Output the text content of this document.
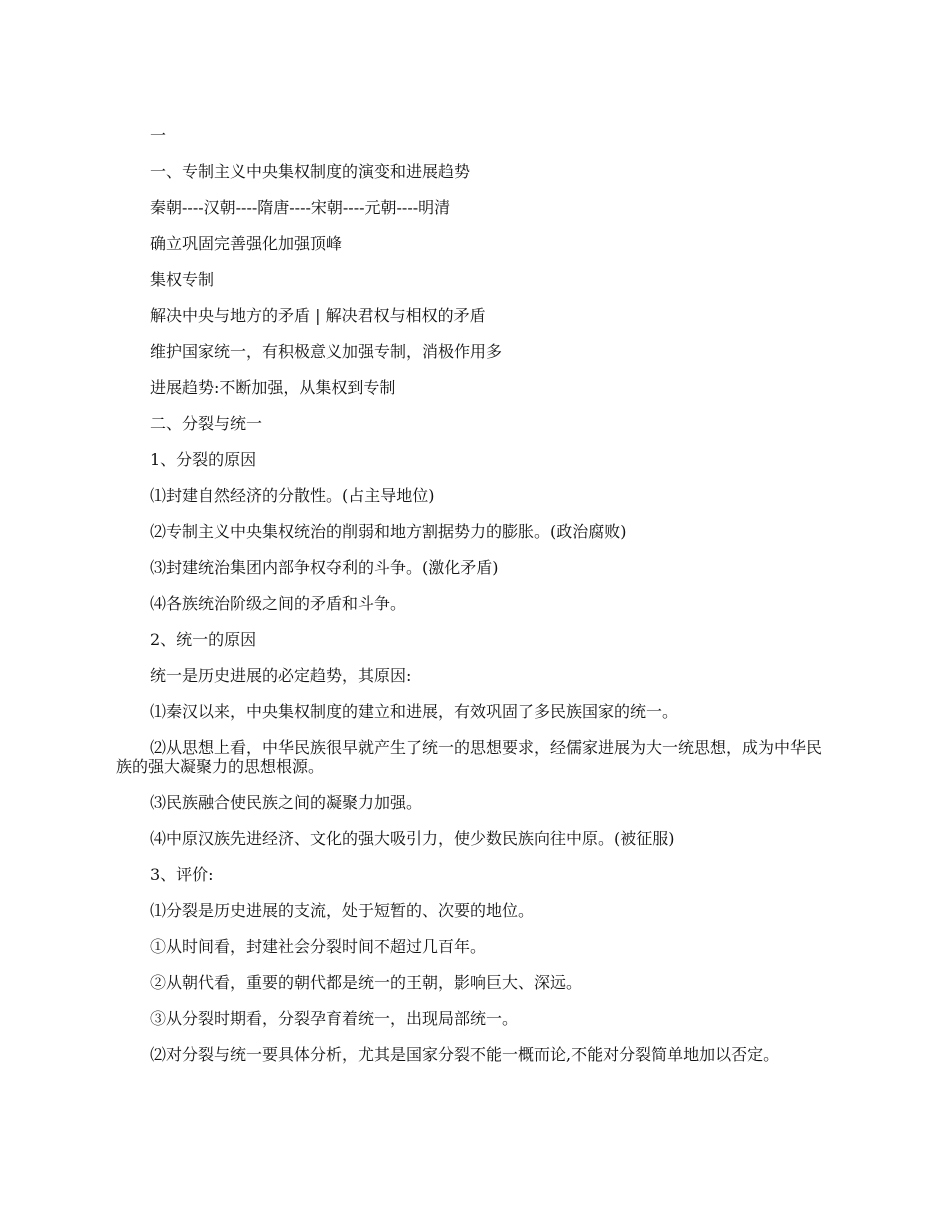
一
一、专制主义中央集权制度的演变和进展趋势
秦朝----汉朝----隋唐----宋朝----元朝----明清
确立巩固完善强化加强顶峰
集权专制
解决中央与地方的矛盾 | 解决君权与相权的矛盾
维护国家统一，有积极意义加强专制，消极作用多
进展趋势:不断加强，从集权到专制
二、分裂与统一
1、分裂的原因
⑴封建自然经济的分散性。(占主导地位)
⑵专制主义中央集权统治的削弱和地方割据势力的膨胀。(政治腐败)
⑶封建统治集团内部争权夺利的斗争。(激化矛盾)
⑷各族统治阶级之间的矛盾和斗争。
2、统一的原因
统一是历史进展的必定趋势，其原因:
⑴秦汉以来，中央集权制度的建立和进展，有效巩固了多民族国家的统一。
⑵从思想上看，中华民族很早就产生了统一的思想要求，经儒家进展为大一统思想，成为中华民族的强大凝聚力的思想根源。
⑶民族融合使民族之间的凝聚力加强。
⑷中原汉族先进经济、文化的强大吸引力，使少数民族向往中原。(被征服)
3、评价:
⑴分裂是历史进展的支流，处于短暂的、次要的地位。
①从时间看，封建社会分裂时间不超过几百年。
②从朝代看，重要的朝代都是统一的王朝，影响巨大、深远。
③从分裂时期看，分裂孕育着统一，出现局部统一。
⑵对分裂与统一要具体分析，尤其是国家分裂不能一概而论,不能对分裂简单地加以否定。
